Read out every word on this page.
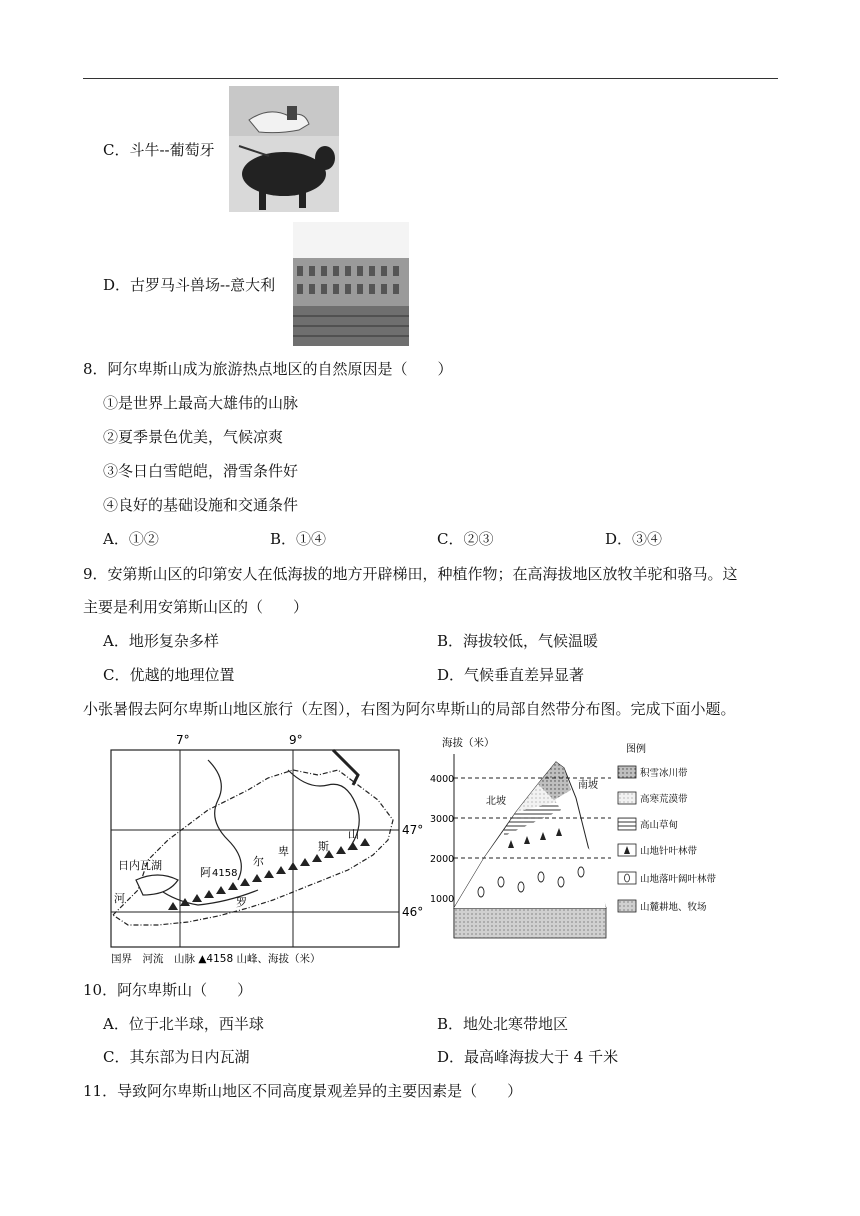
C．斗牛--葡萄牙
D．古罗马斗兽场--意大利
8．阿尔卑斯山成为旅游热点地区的自然原因是（　　）
①是世界上最高大雄伟的山脉
②夏季景色优美，气候凉爽
③冬日白雪皑皑，滑雪条件好
④良好的基础设施和交通条件
A．①②	B．①④	C．②③	D．③④
9．安第斯山区的印第安人在低海拔的地方开辟梯田，种植作物；在高海拔地区放牧羊驼和骆马。这
主要是利用安第斯山区的（　　）
A．地形复杂多样	B．海拔较低，气候温暖
C．优越的地理位置	D．气候垂直差异显著
小张暑假去阿尔卑斯山地区旅行（左图），右图为阿尔卑斯山的局部自然带分布图。完成下面小题。
7°	9°
47°
46°
日内瓦湖
河
阿 4158
尔
卑	斯
山
罗
国界　河流　山脉 ▲4158 山峰、海拔（米）
海拔（米）
4000
3000
2000
1000
北坡
南坡
图例
积雪冰川带
高寒荒漠带
高山草甸
山地针叶林带
山地落叶阔叶林带
山麓耕地、牧场
10．阿尔卑斯山（　　）
A．位于北半球，西半球	B．地处北寒带地区
C．其东部为日内瓦湖	D．最高峰海拔大于 4 千米
11．导致阿尔卑斯山地区不同高度景观差异的主要因素是（　　）
